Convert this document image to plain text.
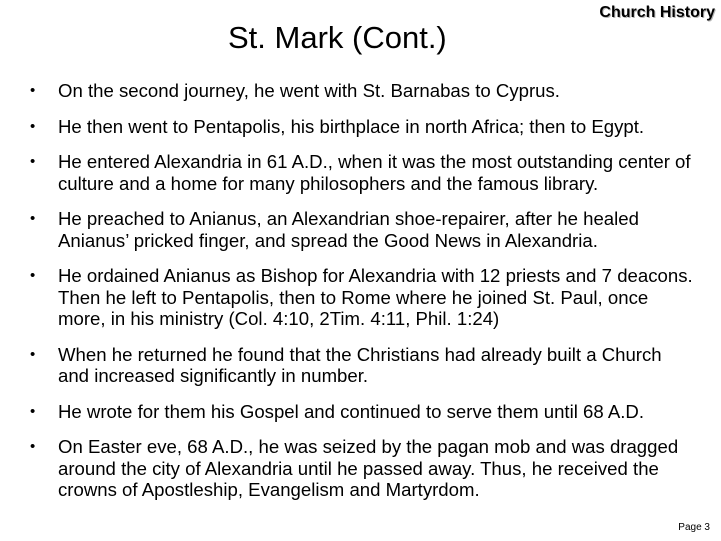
St. Mark (Cont.)
Church History
• On the second journey, he went with St. Barnabas to Cyprus.
• He then went to Pentapolis, his birthplace in north Africa; then to Egypt.
• He entered Alexandria in 61 A.D., when it was the most outstanding center of culture and a home for many philosophers and the famous library.
• He preached to Anianus, an Alexandrian shoe-repairer, after he healed Anianus’ pricked finger, and spread the Good News in Alexandria.
• He ordained Anianus as Bishop for Alexandria with 12 priests and 7 deacons. Then he left to Pentapolis, then to Rome where he joined St. Paul, once more, in his ministry (Col. 4:10, 2Tim. 4:11, Phil. 1:24)
• When he returned he found that the Christians had already built a Church and increased significantly in number.
• He wrote for them his Gospel and continued to serve them until 68 A.D.
• On Easter eve, 68 A.D., he was seized by the pagan mob and was dragged around the city of Alexandria until he passed away. Thus, he received the crowns of Apostleship, Evangelism and Martyrdom.
Page 3
